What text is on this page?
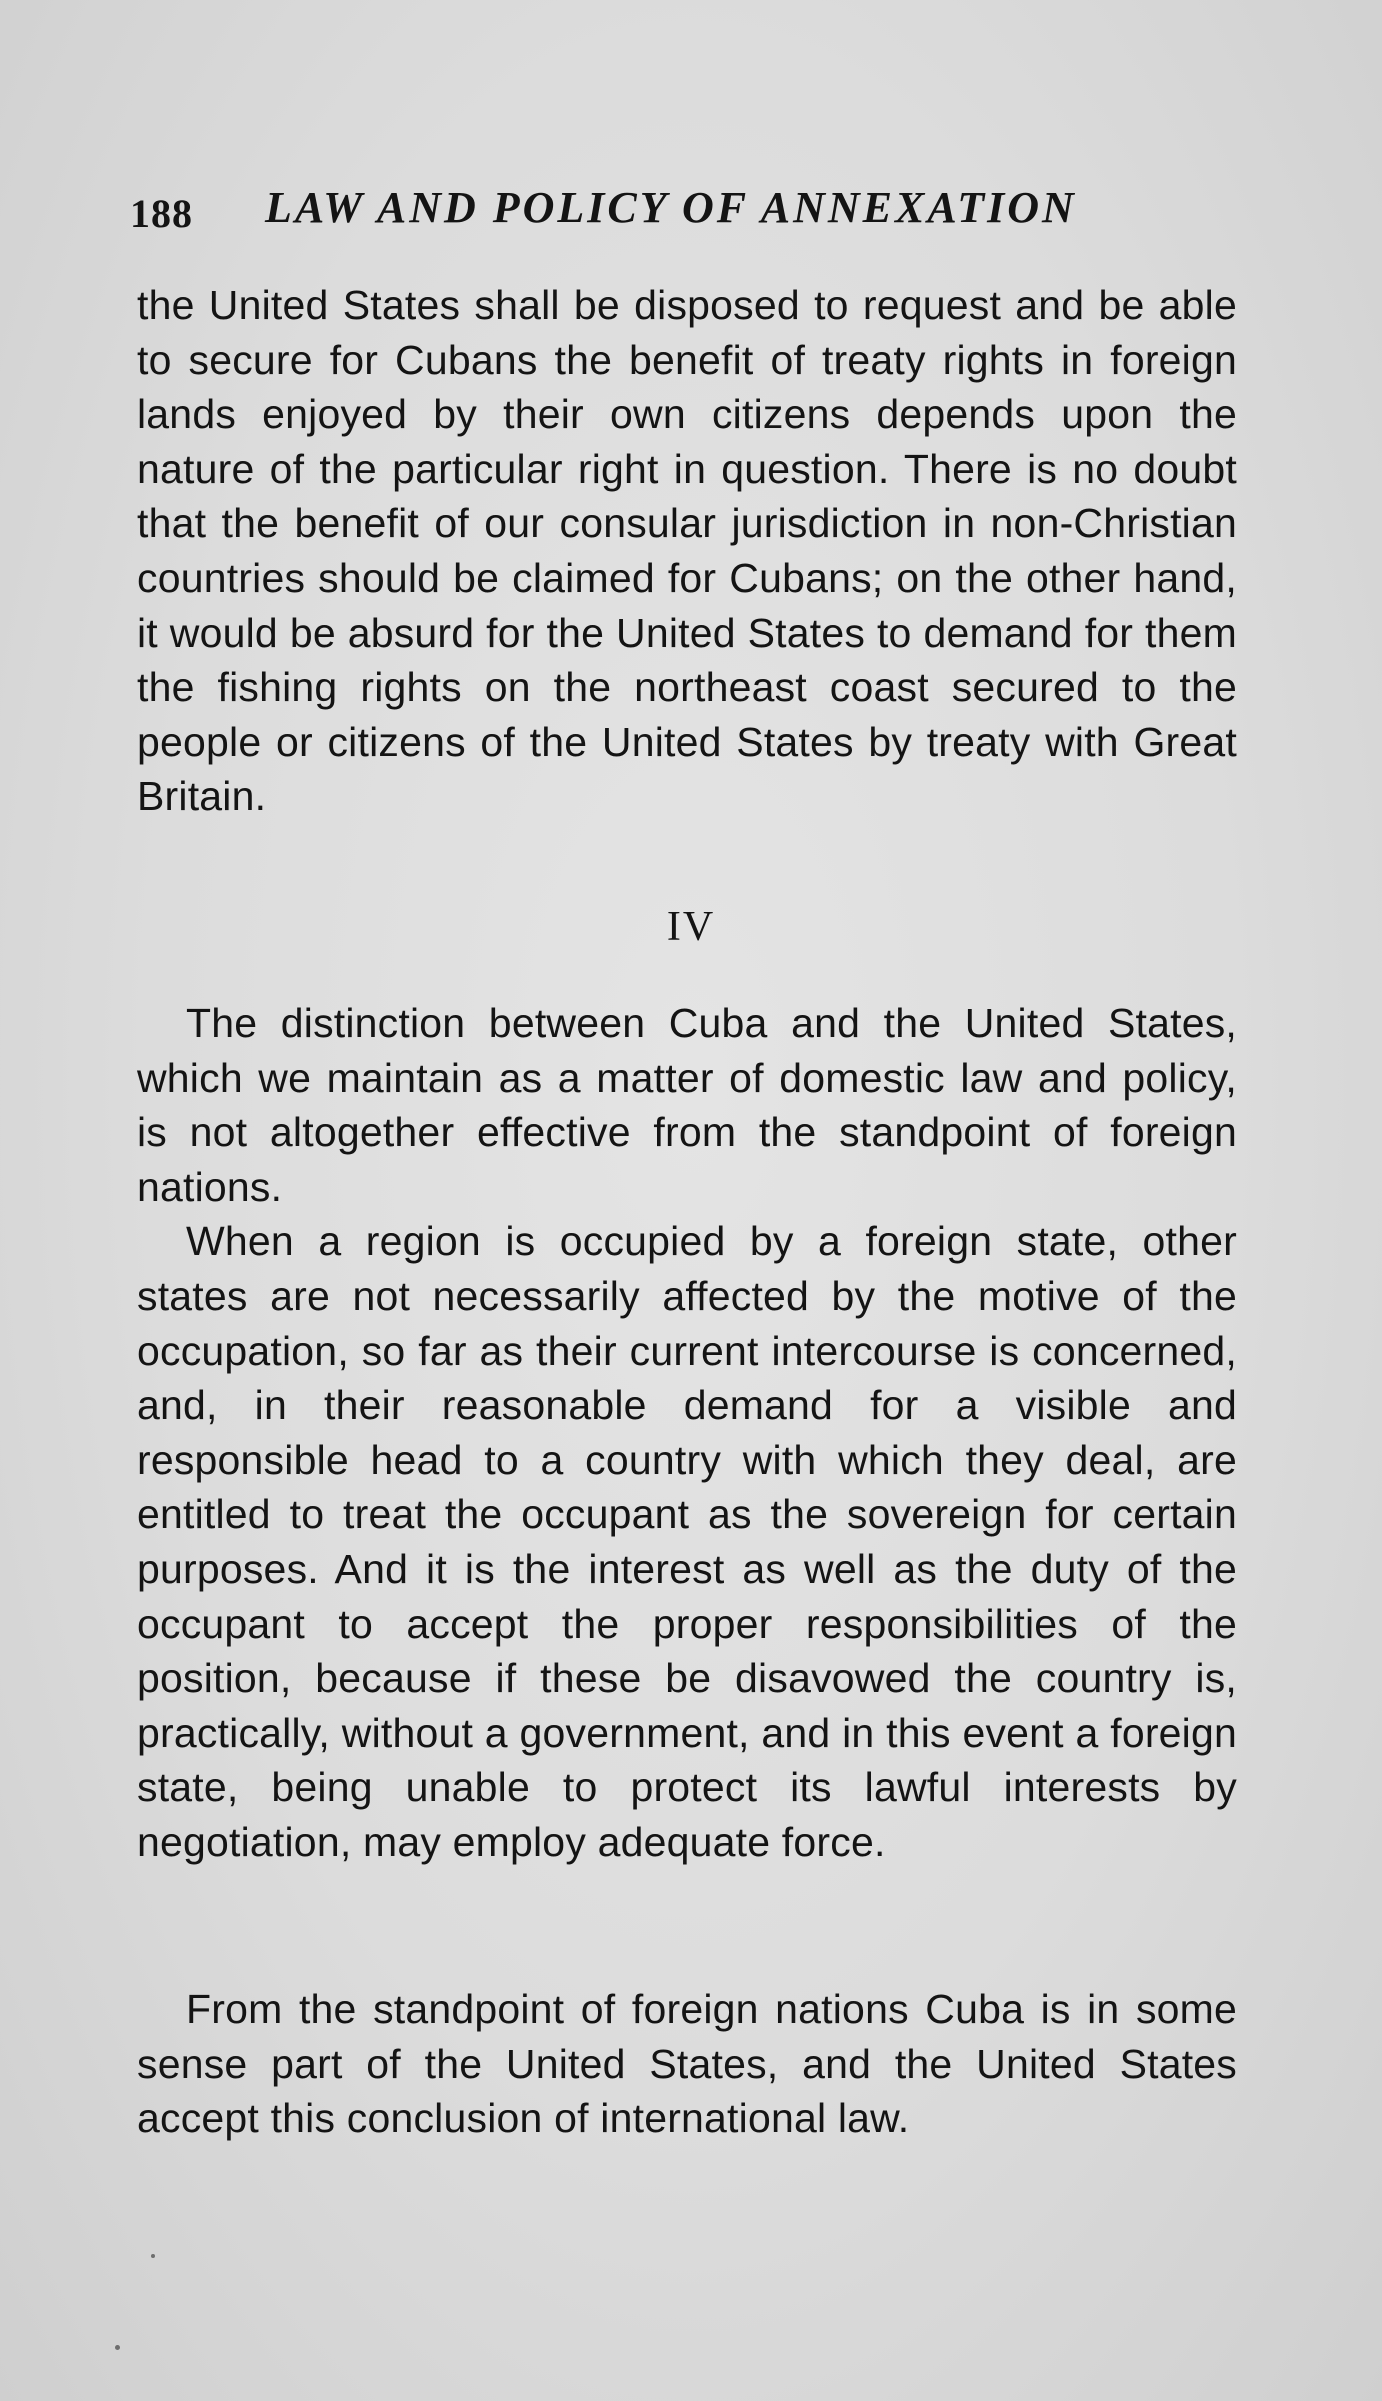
188 LAW AND POLICY OF ANNEXATION

the United States shall be disposed to request and be able to secure for Cubans the benefit of treaty rights in foreign lands enjoyed by their own citizens depends upon the nature of the particular right in question. There is no doubt that the benefit of our consular jurisdiction in non-Christian countries should be claimed for Cubans; on the other hand, it would be absurd for the United States to demand for them the fishing rights on the northeast coast secured to the people or citizens of the United States by treaty with Great Britain.

IV

The distinction between Cuba and the United States, which we maintain as a matter of domestic law and policy, is not altogether effective from the standpoint of foreign nations.

When a region is occupied by a foreign state, other states are not necessarily affected by the motive of the occupation, so far as their current intercourse is concerned, and, in their reasonable demand for a visible and responsible head to a country with which they deal, are entitled to treat the occupant as the sovereign for certain purposes. And it is the interest as well as the duty of the occupant to accept the proper responsibilities of the position, because if these be disavowed the country is, practically, without a government, and in this event a foreign state, being unable to protect its lawful interests by negotiation, may employ adequate force.

From the standpoint of foreign nations Cuba is in some sense part of the United States, and the United States accept this conclusion of international law.
